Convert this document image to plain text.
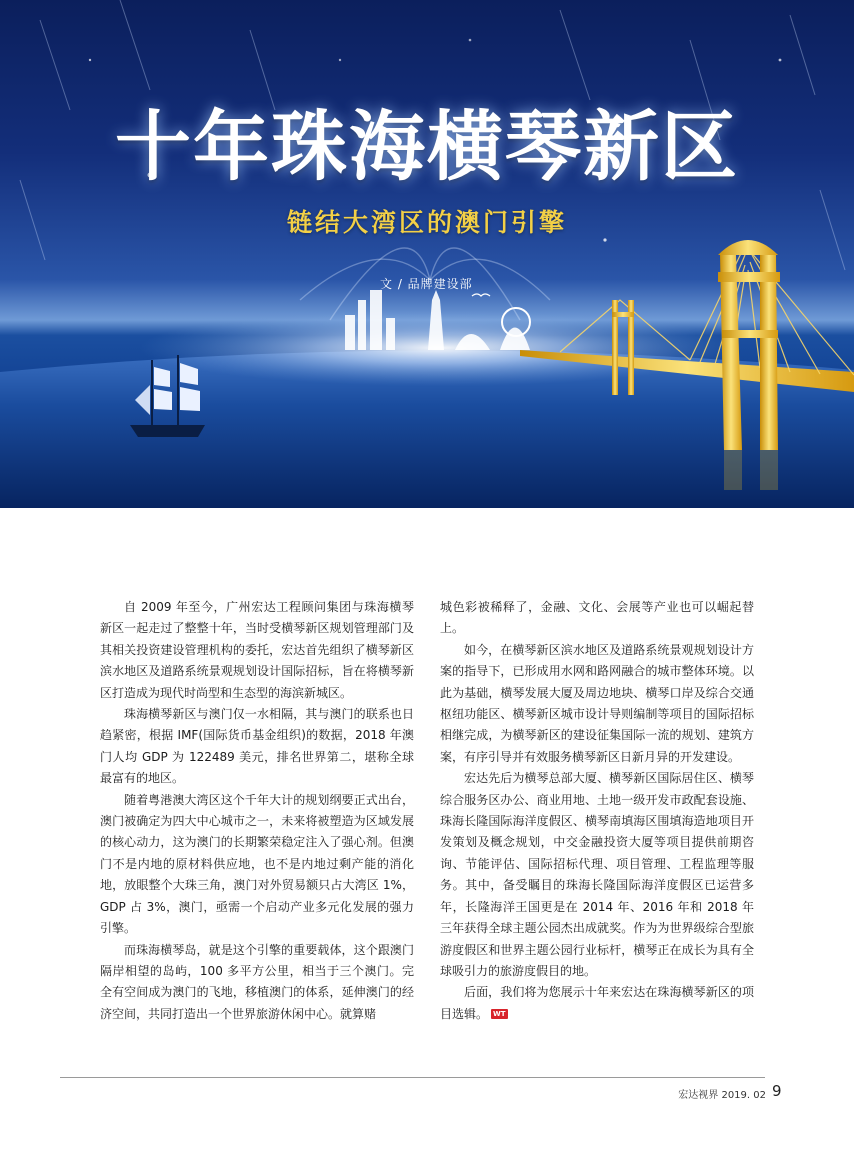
十年珠海横琴新区
链结大湾区的澳门引擎
文 / 品牌建设部

自 2009 年至今，广州宏达工程顾问集团与珠海横琴新区一起走过了整整十年，当时受横琴新区规划管理部门及其相关投资建设管理机构的委托，宏达首先组织了横琴新区滨水地区及道路系统景观规划设计国际招标，旨在将横琴新区打造成为现代时尚型和生态型的海滨新城区。

珠海横琴新区与澳门仅一水相隔，其与澳门的联系也日趋紧密，根据 IMF(国际货币基金组织)的数据，2018 年澳门人均 GDP 为 122489 美元，排名世界第二，堪称全球最富有的地区。

随着粤港澳大湾区这个千年大计的规划纲要正式出台，澳门被确定为四大中心城市之一，未来将被塑造为区域发展的核心动力，这为澳门的长期繁荣稳定注入了强心剂。但澳门不是内地的原材料供应地，也不是内地过剩产能的消化地，放眼整个大珠三角，澳门对外贸易额只占大湾区 1%，GDP 占 3%，澳门，亟需一个启动产业多元化发展的强力引擎。

而珠海横琴岛，就是这个引擎的重要载体，这个跟澳门隔岸相望的岛屿，100 多平方公里，相当于三个澳门。完全有空间成为澳门的飞地，移植澳门的体系，延伸澳门的经济空间，共同打造出一个世界旅游休闲中心。就算赌

城色彩被稀释了，金融、文化、会展等产业也可以崛起替上。

如今，在横琴新区滨水地区及道路系统景观规划设计方案的指导下，已形成用水网和路网融合的城市整体环境。以此为基础，横琴发展大厦及周边地块、横琴口岸及综合交通枢纽功能区、横琴新区城市设计导则编制等项目的国际招标相继完成，为横琴新区的建设征集国际一流的规划、建筑方案，有序引导并有效服务横琴新区日新月异的开发建设。

宏达先后为横琴总部大厦、横琴新区国际居住区、横琴综合服务区办公、商业用地、土地一级开发市政配套设施、珠海长隆国际海洋度假区、横琴南填海区围填海造地项目开发策划及概念规划，中交金融投资大厦等项目提供前期咨询、节能评估、国际招标代理、项目管理、工程监理等服务。其中，备受瞩目的珠海长隆国际海洋度假区已运营多年，长隆海洋王国更是在 2014 年、2016 年和 2018 年三年获得全球主题公园杰出成就奖。作为为世界级综合型旅游度假区和世界主题公园行业标杆，横琴正在成长为具有全球吸引力的旅游度假目的地。

后面，我们将为您展示十年来宏达在珠海横琴新区的项目选辑。 WT

宏达视界 2019. 02 9
